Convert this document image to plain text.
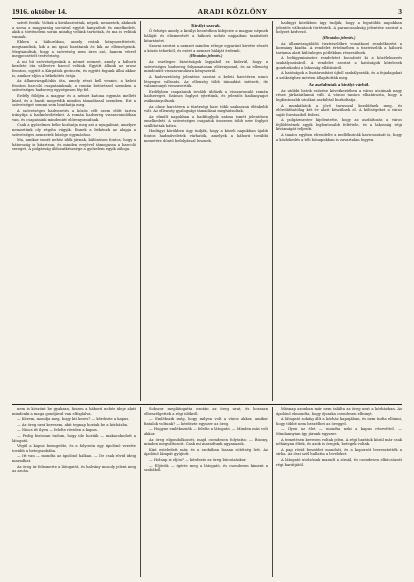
1916. október 14.	ARADI KÖZLÖNY	3

szívét festik. Voltak a kiválasztottak, népek, nemzetek, akiknek a sorsa a magyarság sorsával együtt hanyatlott és emelkedett, akik a történelem során mindig velünk tartottak, és ma is velünk vannak.

Ebben a háborúban, amely reánk kényszeríttetett, megtanultuk, kik a mi igazi barátaink és kik az ellenségeink. Megtanultuk, hogy a szövetség nem üres szó, hanem vérrel megpecsételt testvériség.

A mi hű szövetségesünk a német nemzet, amely a háború kezdete óta vállvetve harcol velünk. Együtt állunk az orosz fronton, együtt a Kárpátok gerincén, és együtt fogunk állni akkor is, amikor eljön a békekötés órája.

Az államvizsgálódás óta, amely részt kell vennie, a keleti fronton harcoló csapatainknak, a román betöréssel szemben a szövetséges hadsereg egységesen lép fel.

Erdély földjén a magyar és a német katona egymás mellett küzd, és a hazát megvédik minden támadással szemben. Ezt a szövetséget semmi sem bonthatja meg.

A szövetséges hadvezetés a közös célt szem előtt tartva irányítja a hadműveleteket. A román hadsereg visszavonulóban van, és csapataink mindenütt előrenyomulnak.

Csak a győzelmes béke hozhatja meg azt a nyugalmat, amelyre nemzetünk oly régóta vágyik. Ennek a békének az alapja a szövetséges nemzetek hűsége egymáshoz.

Ma, amikor ismét nehéz idők járnak, különösen fontos, hogy a hátország is kitartson, és minden erejével támogassa a harcoló sereget. A polgárság áldozatkészsége a győzelem egyik záloga.

Királyi szavak.

Ö felsége amely a királyi beszédben kifejezte a magyar népnek háláját és elismerését a háború nehéz napjaiban tanúsított kitartásért.

Szavai szerint a nemzet minden rétege egyaránt kivette részét a közös teherből, és ezért a nemzet háláját érdemli.

(Hivatalos jelentés.)

Az esetleges bizottságok lapjaiból ez kiderül, hogy a szövetséges hadsereg folyamatosan előrenyomul, és az ellenség mindenütt visszavonulásra kényszerül.

A hadvezetőség jelentése szerint a keleti harctéren nincs lényeges változás. Az ellenség több támadást intézett, de valamennyit visszavertük.

Erdélyben csapataink tovább üldözik a visszavonuló román hadsereget. Számos foglyot ejtettünk, és jelentős hadianyagot zsákmányoltunk.

Az olasz harctéren a tüzérségi harc több szakaszon élénkebb volt. Az ellenség gyalogsági támadásai meghiúsultak.

Az elmúlt napokban a hadifoglyok száma ismét jelentősen emelkedett. A szövetséges csapatok összesen több ezer foglyot szállítottak hátra.

Hadügyi körökben úgy tudják, hogy a közeli napokban újabb fontos hadműveletek várhatók, amelyek a háború további menetére döntő befolyással lesznek.

hadügyi körökben úgy tudják, hogy a legutóbbi napokban jelentős változások történtek. A parancsnokság jelentése szerint a helyzet kedvező.

(Hivatalos jelentés.)

Az államvizsgálódó tisztviselőkre vonatkozó rendelkezést a kormány kiadta. A rendelet értelmében a tisztviselők a háború tartama alatt különleges pótlékban részesülnek.

A belügyminiszter rendeletet bocsátott ki a közélelmezés szabályozásáról. A rendelet szerint a hatóságok kötelesek gondoskodni a lakosság ellátásáról.

A hatóságok a lisztárusítást újból szabályozták, és a fejadagokat a szükséghez mérten állapították meg.

Az aszfaltutak a királyi várból.

Az utóbbi hetek esőzése következtében a város utcáinak nagy része járhatatlanná vált. A városi tanács elhatározta, hogy a legfontosabb utcákat aszfalttal burkoltatja.

A munkálatok a jövő tavasszal kezdődnek meg, és előreláthatólag két év alatt készülnek el. A költségeket a város saját forrásaiból fedezi.

A polgármester kijelentette, hogy az aszfaltozás a város fejlődésének egyik legfontosabb feltétele, és a lakosság régi kívánságát teljesíti.

A tanács egyben elrendelte a mellékutcák kavicsozását is, hogy a közlekedés a téli hónapokban is zavartalan legyen.

nem is köszönt be gyakran, hiszen a háború nehéz ideje alatt mindenki a maga gondjával van elfoglalva.

— Kérem, mondja meg, hogy kit keres? — kérdezte a kapus.

— Az öreg urat keresem, akit tegnap hoztak be a kórházba.

— Nincs itt ilyen — felelte röviden a kapus.

— Pedig biztosan tudom, hogy ide hozták — makacskodott a látogató.

Végül a kapus beengedte, és a folyosón egy ápolónő vezette tovább a betegszobába.

— Itt van — mondta az ápolónő halkan. — De csak rövid ideig maradhat.

Az öreg úr felismerte a látogatót, és halvány mosoly jelent meg az arcán.

Sokszor meglátogatta ezután az öreg urat, és hosszan elbeszélgettek a régi időkről.

— Emlékszik még, hogy milyen volt a város akkor, amikor fiatalok voltunk? — kérdezte egyszer az öreg.

— Hogyne emlékeznék — felelte a látogató. — Minden más volt akkor.

Az öreg elgondolkozott, majd csendesen folytatta: — Bizony, minden megváltozott. Csak mi maradtunk ugyanazok.

Kint esteledett már, és a szobában lassan sötétség lett. Az ápolónő lámpát gyújtott.

— Holnap is eljön? — kérdezte az öreg búcsúzáskor.

— Eljövök — ígérte meg a látogató, és csendesen kiment a szobából.

Másnap azonban már nem találta az öreg urat a kórházban. Az ápolónő elmondta, hogy éjszaka csendesen elhunyt.

A látogató sokáig állt a kórház kapujában, és nem tudta elhinni, hogy többé nem beszélhet az öreggel.

— Ilyen az élet — mondta neki a kapus részvéttel. — Mindannyian így járunk egyszer.

A temetésen kevesen voltak jelen. A régi barátok közül már csak néhányan éltek, és azok is öregek, betegek voltak.

A pap rövid beszédet mondott, és a koporsót leeresztették a sírba. Az őszi szél hullatta a leveleket.

A látogató utolsónak maradt a sírnál, és csendesen elbúcsúzott régi barátjától.
